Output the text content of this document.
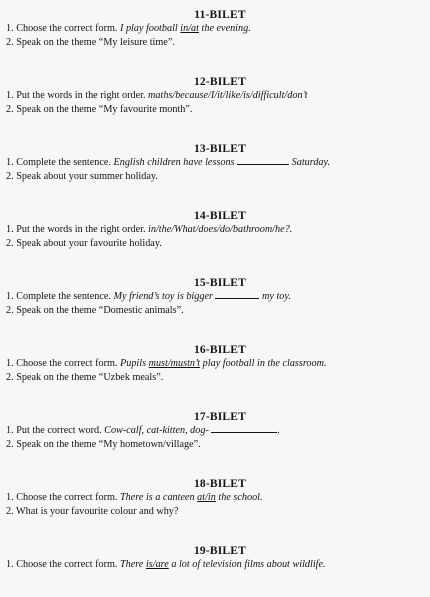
11-BILET
1. Choose the correct form. I play football in/at the evening.
2. Speak on the theme “My leisure time”.
12-BILET
1. Put the words in the right order. maths/because/I/it/like/is/difficult/don’t
2. Speak on the theme “My favourite month”.
13-BILET
1. Complete the sentence. English children have lessons	Saturday.
2. Speak about your summer holiday.
14-BILET
1. Put the words in the right order. in/the/What/does/do/bathroom/he?.
2. Speak about your favourite holiday.
15-BILET
1. Complete the sentence. My friend’s toy is bigger	my toy.
2. Speak on the theme “Domestic animals”.
16-BILET
1. Choose the correct form. Pupils must/mustn’t play football in the classroom.
2. Speak on the theme “Uzbek meals”.
17-BILET
1. Put the correct word. Cow-calf, cat-kitten, dog-	.
2. Speak on the theme “My hometown/village”.
18-BILET
1. Choose the correct form. There is a canteen at/in the school.
2. What is your favourite colour and why?
19-BILET
1. Choose the correct form. There is/are a lot of television films about wildlife.
